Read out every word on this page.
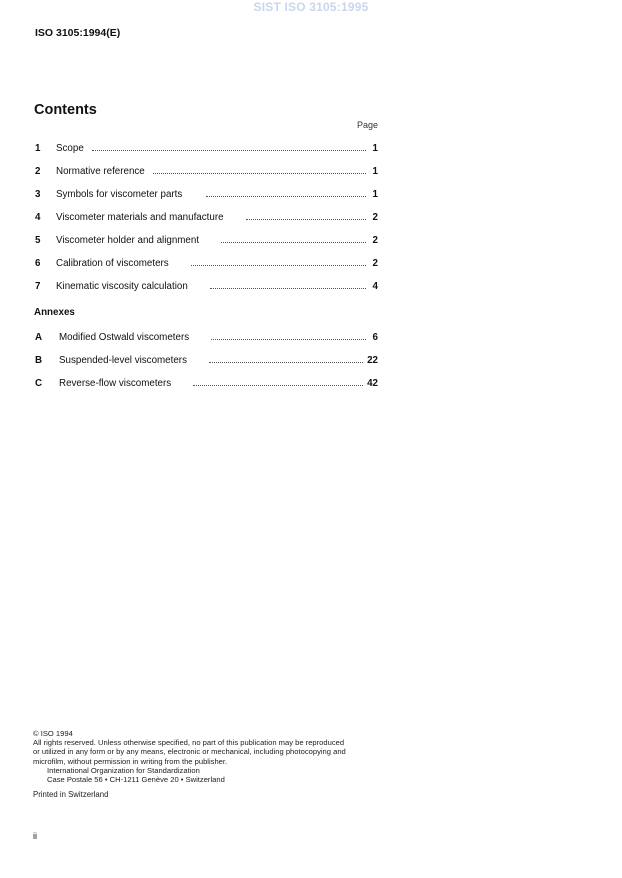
SIST ISO 3105:1995
ISO 3105:1994(E)
Contents
Page
1	Scope	1
2	Normative reference	1
3	Symbols for viscometer parts	1
4	Viscometer materials and manufacture	2
5	Viscometer holder and alignment	2
6	Calibration of viscometers	2
7	Kinematic viscosity calculation	4
Annexes
A	Modified Ostwald viscometers	6
B	Suspended-level viscometers	22
C	Reverse-flow viscometers	42
© ISO 1994
All rights reserved. Unless otherwise specified, no part of this publication may be reproduced
or utilized in any form or by any means, electronic or mechanical, including photocopying and
microfilm, without permission in writing from the publisher.
International Organization for Standardization
Case Postale 56 • CH-1211 Genève 20 • Switzerland
Printed in Switzerland
ii
